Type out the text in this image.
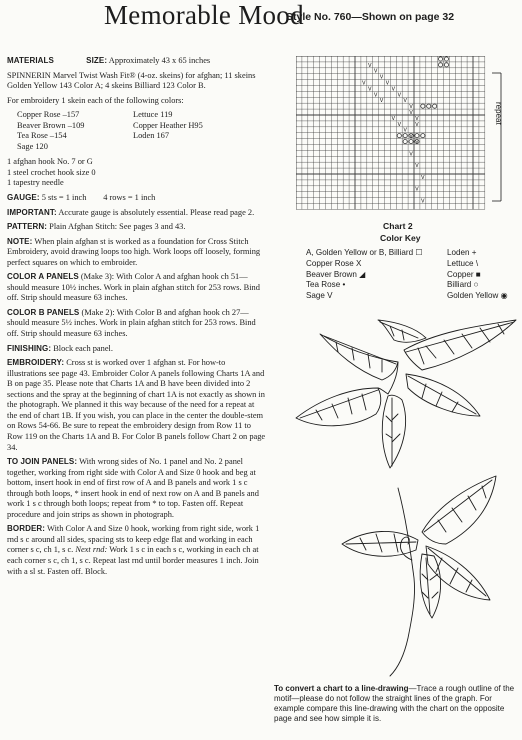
Memorable Mood
Style No. 760—Shown on page 32

MATERIALS	SIZE: Approximately 43 x 65 inches

SPINNERIN Marvel Twist Wash Fit® (4-oz. skeins) for afghan; 11 skeins Golden Yellow 143 Color A; 4 skeins Billiard 123 Color B.

For embroidery 1 skein each of the following colors:

Copper Rose –157	Lettuce 119
Beaver Brown –109	Copper Heather H95
Tea Rose –154	Loden 167
Sage 120
1 afghan hook No. 7 or G
1 steel crochet hook size 0
1 tapestry needle

GAUGE: 5 sts = 1 inch        4 rows = 1 inch

IMPORTANT: Accurate gauge is absolutely essential. Please read page 2.

PATTERN: Plain Afghan Stitch: See pages 3 and 43.

NOTE: When plain afghan st is worked as a foundation for Cross Stitch Embroidery, avoid drawing loops too high. Work loops off loosely, forming perfect squares on which to embroider.

COLOR A PANELS (Make 3): With Color A and afghan hook ch 51—should measure 10½ inches. Work in plain afghan stitch for 253 rows. Bind off. Strip should measure 63 inches.

COLOR B PANELS (Make 2): With Color B and afghan hook ch 27—should measure 5½ inches. Work in plain afghan stitch for 253 rows. Bind off. Strip should measure 63 inches.

FINISHING: Block each panel.

EMBROIDERY: Cross st is worked over 1 afghan st. For how-to illustrations see page 43. Embroider Color A panels following Charts 1A and B on page 35. Please note that Charts 1A and B have been divided into 2 sections and the spray at the beginning of chart 1A is not exactly as shown in the photograph. We planned it this way because of the need for a repeat at the end of chart 1B. If you wish, you can place in the center the double-stem on Rows 54-66. Be sure to repeat the embroidery design from Row 11 to Row 119 on the Charts 1A and B. For Color B panels follow Chart 2 on page 34.

TO JOIN PANELS: With wrong sides of No. 1 panel and No. 2 panel together, working from right side with Color A and Size 0 hook and beg at bottom, insert hook in end of first row of A and B panels and work 1 s c through both loops, * insert hook in end of next row on A and B panels and work 1 s c through both loops; repeat from * to top. Fasten off. Repeat procedure and join strips as shown in photograph.

BORDER: With Color A and Size 0 hook, working from right side, work 1 rnd s c around all sides, spacing sts to keep edge flat and working in each corner s c, ch 1, s c. Next rnd: Work 1 s c in each s c, working in each ch at each corner s c, ch 1, s c. Repeat last rnd until border measures 1 inch. Join with a sl st. Fasten off. Block.

V
V
V
V
V
V
V
V
V
V
V
V
V
V
V
V
V
V
V
V
V
V
V
V
V
repeat
Chart 2
Color Key
A, Golden Yellow or B, Billiard ☐
Copper Rose X
Beaver Brown ◢
Tea Rose •
Sage V
Loden +
Lettuce \
Copper ■
Billiard ○
Golden Yellow ◉
To convert a chart to a line-drawing—Trace a rough outline of the motif—please do not follow the straight lines of the graph. For example compare this line-drawing with the chart on the opposite page and see how simple it is.
